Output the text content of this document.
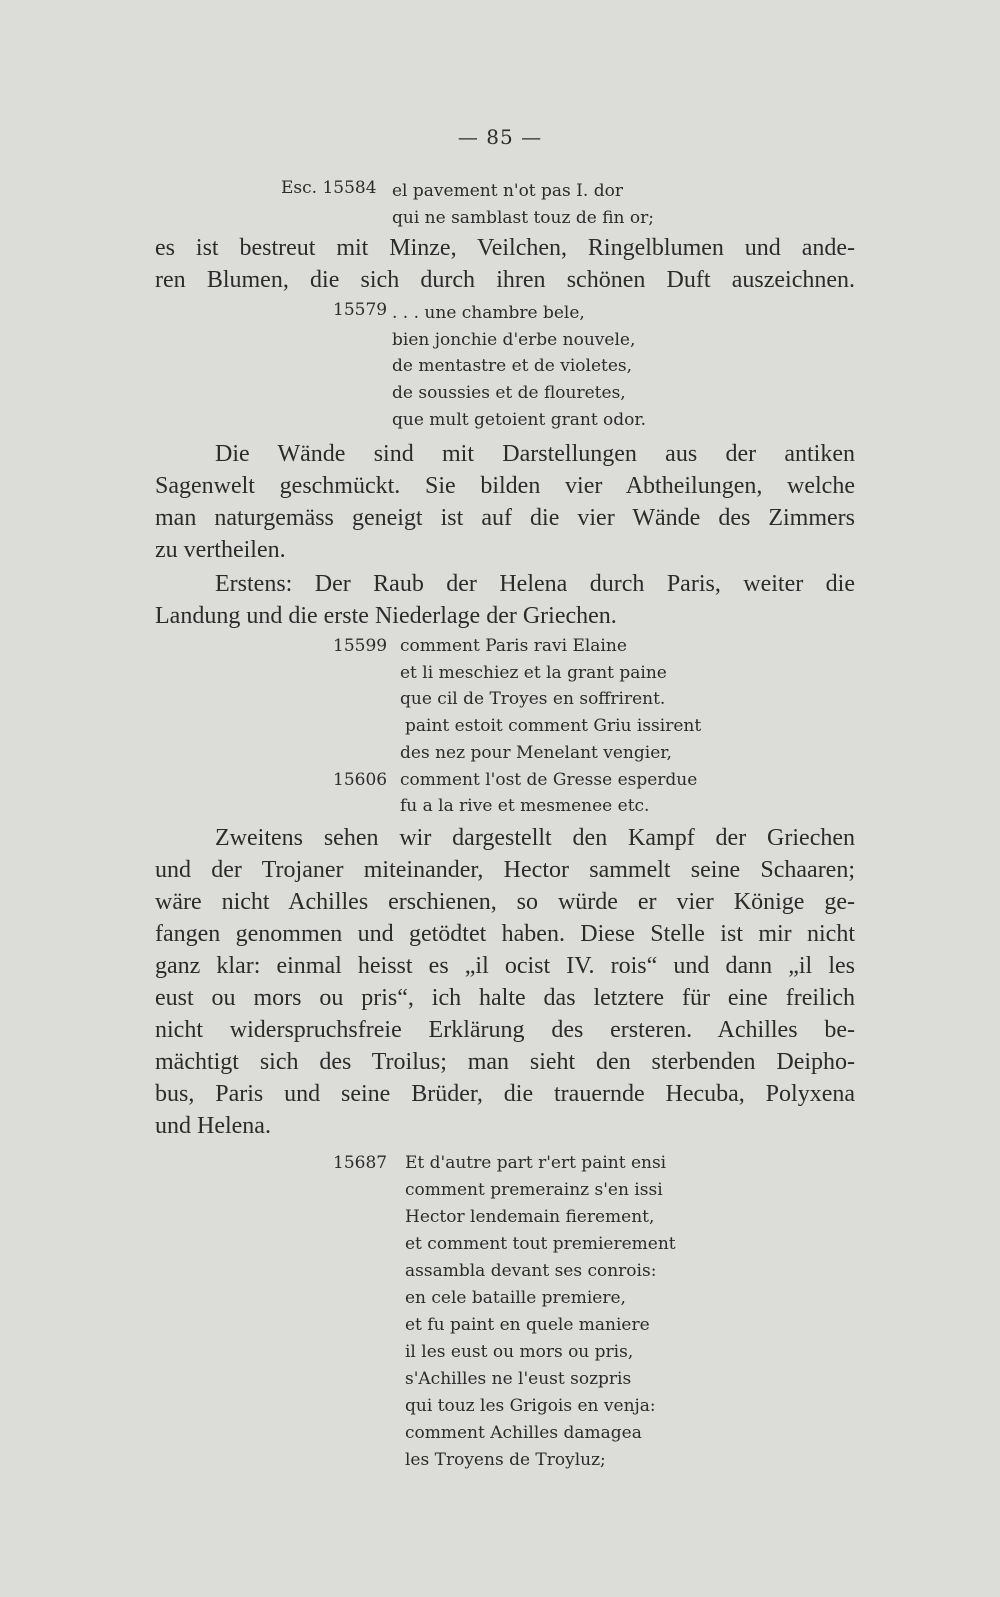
— 85 —
Esc. 15584 el pavement n'ot pas I. dor
qui ne samblast touz de fin or;
es ist bestreut mit Minze, Veilchen, Ringelblumen und ande-
ren Blumen, die sich durch ihren schönen Duft auszeichnen.
15579 . . . une chambre bele,
bien jonchie d'erbe nouvele,
de mentastre et de violetes,
de soussies et de flouretes,
que mult getoient grant odor.
Die Wände sind mit Darstellungen aus der antiken
Sagenwelt geschmückt. Sie bilden vier Abtheilungen, welche
man naturgemäss geneigt ist auf die vier Wände des Zimmers
zu vertheilen.
Erstens: Der Raub der Helena durch Paris, weiter die
Landung und die erste Niederlage der Griechen.
15599 comment Paris ravi Elaine
et li meschiez et la grant paine
que cil de Troyes en soffrirent.
paint estoit comment Griu issirent
des nez pour Menelant vengier,
15606 comment l'ost de Gresse esperdue
fu a la rive et mesmenee etc.
Zweitens sehen wir dargestellt den Kampf der Griechen
und der Trojaner miteinander, Hector sammelt seine Schaaren;
wäre nicht Achilles erschienen, so würde er vier Könige ge-
fangen genommen und getödtet haben. Diese Stelle ist mir nicht
ganz klar: einmal heisst es „il ocist IV. rois“ und dann „il les
eust ou mors ou pris“, ich halte das letztere für eine freilich
nicht widerspruchsfreie Erklärung des ersteren. Achilles be-
mächtigt sich des Troilus; man sieht den sterbenden Deipho-
bus, Paris und seine Brüder, die trauernde Hecuba, Polyxena
und Helena.
15687 Et d'autre part r'ert paint ensi
comment premerainz s'en issi
Hector lendemain fierement,
et comment tout premierement
assambla devant ses conrois:
en cele bataille premiere,
et fu paint en quele maniere
il les eust ou mors ou pris,
s'Achilles ne l'eust sozpris
qui touz les Grigois en venja:
comment Achilles damagea
les Troyens de Troyluz;
